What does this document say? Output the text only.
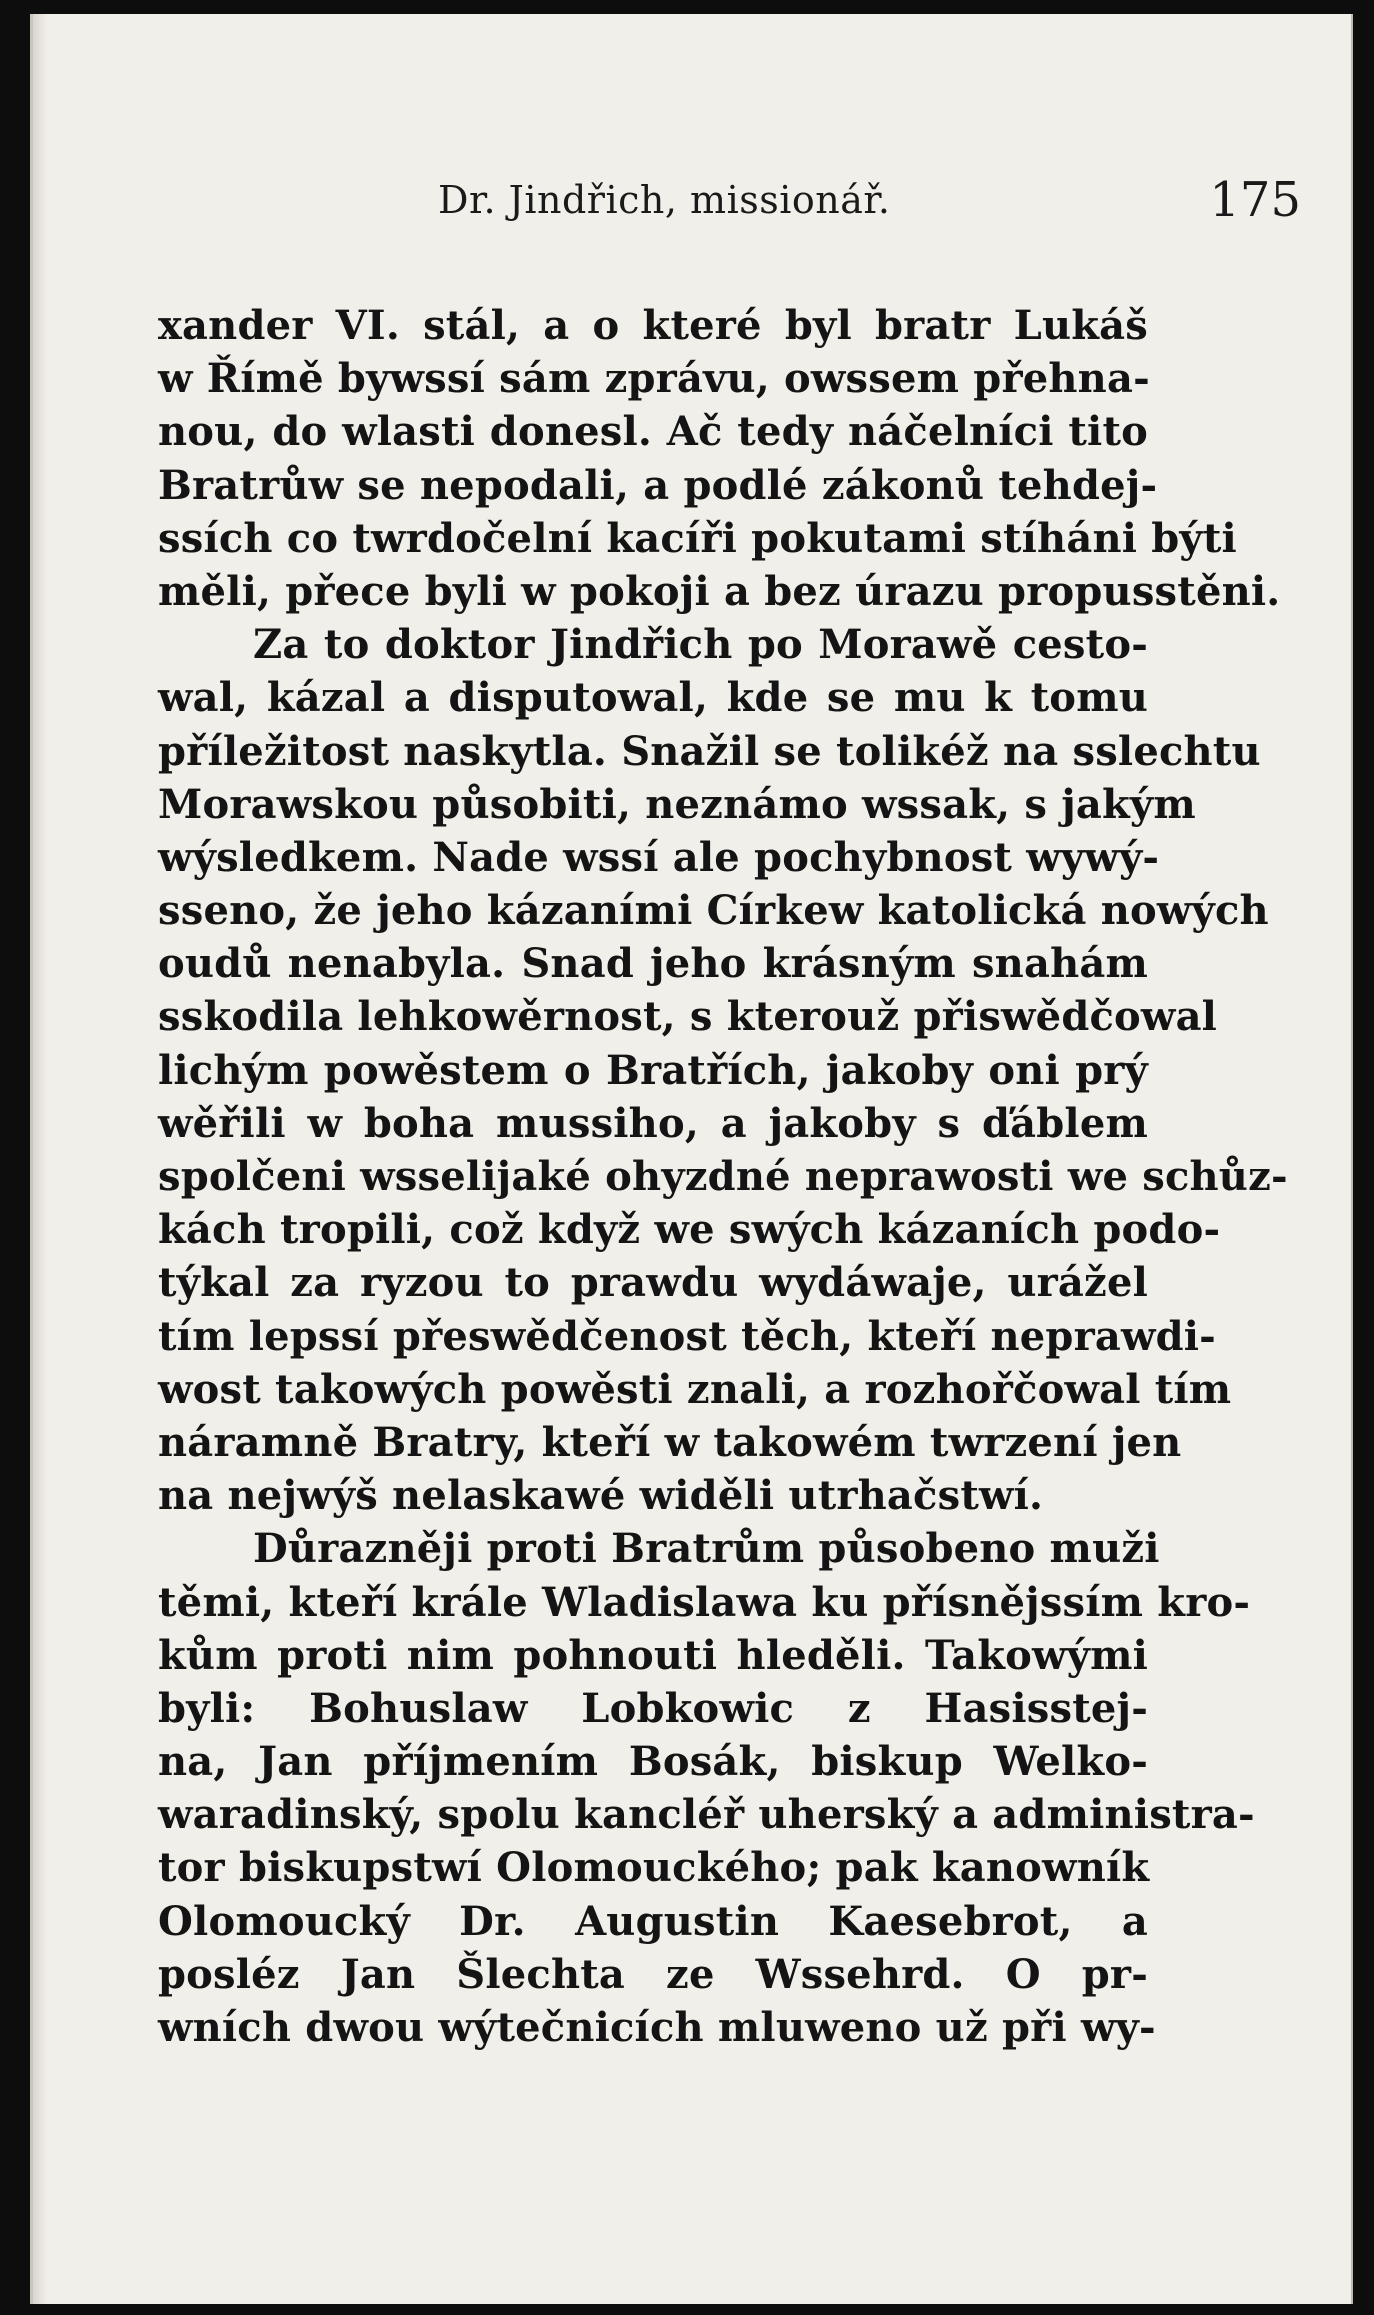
Dr. Jindřich, missionář.	175
xander VI. stál, a o které byl bratr Lukáš
w Římě bywssí sám zprávu, owssem přehna-
nou, do wlasti donesl. Ač tedy náčelníci tito
Bratrůw se nepodali, a podlé zákonů tehdej-
ssích co twrdočelní kacíři pokutami stíháni býti
měli, přece byli w pokoji a bez úrazu propusstěni.
Za to doktor Jindřich po Morawě cesto-
wal, kázal a disputowal, kde se mu k tomu
příležitost naskytla. Snažil se tolikéž na sslechtu
Morawskou působiti, neznámo wssak, s jakým
wýsledkem. Nade wssí ale pochybnost wywý-
sseno, že jeho kázaními Církew katolická nowých
oudů nenabyla. Snad jeho krásným snahám
sskodila lehkowěrnost, s kterouž přiswědčowal
lichým powěstem o Bratřích, jakoby oni prý
wěřili w boha mussiho, a jakoby s ďáblem
spolčeni wsselijaké ohyzdné neprawosti we schůz-
kách tropili, což když we swých kázaních podo-
týkal za ryzou to prawdu wydáwaje, urážel
tím lepssí přeswědčenost těch, kteří neprawdi-
wost takowých powěsti znali, a rozhořčowal tím
náramně Bratry, kteří w takowém twrzení jen
na nejwýš nelaskawé widěli utrhačstwí.
Důrazněji proti Bratrům působeno muži
těmi, kteří krále Wladislawa ku přísnějssím kro-
kům proti nim pohnouti hleděli. Takowými
byli: Bohuslaw Lobkowic z Hasisstej-
na, Jan příjmením Bosák, biskup Welko-
waradinský, spolu kancléř uherský a administra-
tor biskupstwí Olomouckého; pak kanowník
Olomoucký Dr. Augustin Kaesebrot, a
posléz Jan Šlechta ze Wssehrd. O pr-
wních dwou wýtečnicích mluweno už při wy-
